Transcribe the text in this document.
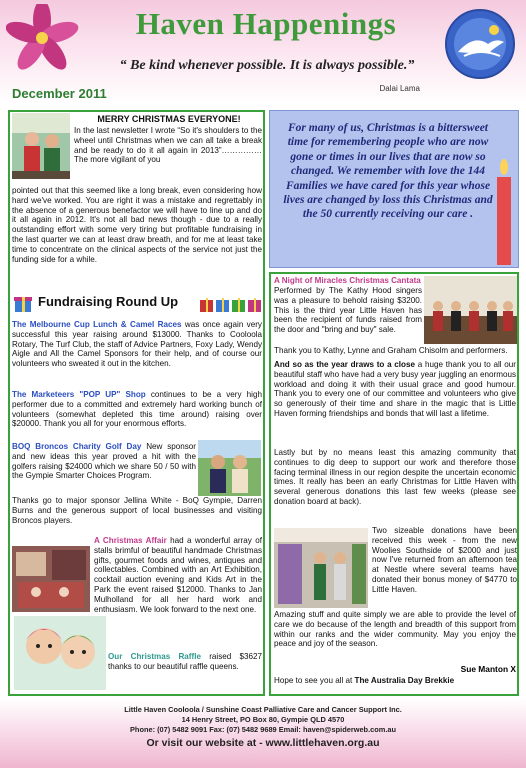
Haven Happenings
“ Be kind whenever possible. It is always possible.”
Dalai Lama
December 2011
MERRY CHRISTMAS EVERYONE!
In the last newsletter I wrote “So it's shoulders to the wheel until Christmas when we can all take a break and be ready to do it all again in 2013”…………… The more vigilant of you
pointed out that this seemed like a long break, even considering how hard we've worked. You are right it was a mistake and regrettably in the absence of a generous benefactor we will have to line up and do it all again in 2012. It's not all bad news though - due to a really outstanding effort with some very tiring but profitable fundraising in the last quarter we can at least draw breath, and for me at least take time to concentrate on the clinical aspects of the service not just the funding side for a while.
Fundraising Round Up
The Melbourne Cup Lunch & Camel Races was once again very successful this year raising around $13000. Thanks to Cooloola Rotary, The Turf Club, the staff of Advice Partners, Foxy Lady, Wendy Aigle and All the Camel Sponsors for their help, and of course our volunteers who sweated it out in the kitchen.
The Marketeers "POP UP" Shop continues to be a very high performer due to a committed and extremely hard working bunch of volunteers (somewhat depleted this time around) raising over $20000. Thank you all for your enormous efforts.
BOQ Broncos Charity Golf Day New sponsor and new ideas this year proved a hit with the golfers raising $24000 which we share 50 / 50 with the Gympie Smarter Choices Program.
Thanks go to major sponsor Jellina White - BoQ Gympie, Darren Burns and the generous support of local businesses and visiting Broncos players.
A Christmas Affair had a wonderful array of stalls brimful of beautiful handmade Christmas gifts, gourmet foods and wines, antiques and collectables. Combined with an Art Exhibition, cocktail auction evening and Kids Art in the Park the event raised $12000. Thanks to Jan Mulholland for all her hard work and enthusiasm. We look forward to the next one.
Our Christmas Raffle raised $3627 thanks to our beautiful raffle queens.
For many of us, Christmas is a bittersweet time for remembering people who are now gone or times in our lives that are now so changed. We remember with love the 144 Families we have cared for this year whose lives are changed by loss this Christmas and the 50 currently receiving our care .
A Night of Miracles Christmas Cantata
Performed by The Kathy Hood singers was a pleasure to behold raising $3200. This is the third year Little Haven has been the recipient of funds raised from the door and "bring and buy" sale.
Thank you to Kathy, Lynne and Graham Chisolm and performers.
And so as the year draws to a close a huge thank you to all our beautiful staff who have had a very busy year juggling an enormous workload and doing it with their usual grace and good humour. Thank you to every one of our committee and volunteers who give so generously of their time and share in the magic that is Little Haven forming friendships and bonds that will last a lifetime.
Lastly but by no means least this amazing community that continues to dig deep to support our work and therefore those facing terminal illness in our region despite the uncertain economic times. It really has been an early Christmas for Little Haven with several generous donations this last few weeks (please see donation board at back).
Two sizeable donations have been received this week - from the new Woolies Southside of $2000 and just now I've returned from an afternoon tea at Nestle where several teams have donated their bonus money of $4770 to Little Haven.
Amazing stuff and quite simply we are able to provide the level of care we do because of the length and breadth of this support from within our ranks and the wider community. May you enjoy the peace and joy of the season.
Sue Manton X
Hope to see you all at The Australia Day Brekkie
Little Haven Cooloola / Sunshine Coast Palliative Care and Cancer Support Inc.
14 Henry Street, PO Box 80, Gympie QLD 4570
Phone: (07) 5482 9091 Fax: (07) 5482 9689 Email: haven@spiderweb.com.au
Or visit our website at - www.littlehaven.org.au
